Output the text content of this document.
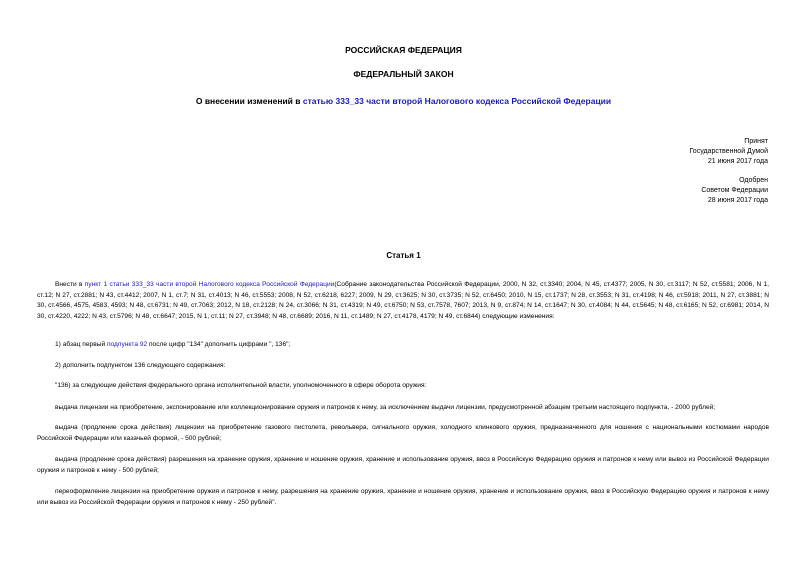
РОССИЙСКАЯ ФЕДЕРАЦИЯ
ФЕДЕРАЛЬНЫЙ ЗАКОН
О внесении изменений в статью 333_33 части второй Налогового кодекса Российской Федерации
Принят
Государственной Думой
21 июня 2017 года
Одобрен
Советом Федерации
28 июня 2017 года
Статья 1

Внести в пункт 1 статьи 333_33 части второй Налогового кодекса Российской Федерации(Собрание законодательства Российской Федерации, 2000, N 32, ст.3340; 2004, N 45, ст.4377; 2005, N 30, ст.3117; N 52, ст.5581; 2006, N 1, ст.12; N 27, ст.2881; N 43, ст.4412; 2007, N 1, ст.7; N 31, ст.4013; N 46, ст.5553; 2008, N 52, ст.6218, 6227; 2009, N 29, ст.3625; N 30, ст.3735; N 52, ст.6450; 2010, N 15, ст.1737; N 28, ст.3553; N 31, ст.4198; N 46, ст.5918; 2011, N 27, ст.3881; N 30, ст.4566, 4575, 4583, 4593; N 48, ст.6731; N 49, ст.7063; 2012, N 18, ст.2128; N 24, ст.3066; N 31, ст.4319; N 49, ст.6750; N 53, ст.7578, 7607; 2013, N 9, ст.874; N 14, ст.1647; N 30, ст.4084; N 44, ст.5645; N 48, ст.6165; N 52, ст.6981; 2014, N 30, ст.4220, 4222; N 43, ст.5796; N 48, ст.6647; 2015, N 1, ст.11; N 27, ст.3948; N 48, ст.6689; 2016, N 11, ст.1489; N 27, ст.4178, 4179; N 49, ст.6844) следующие изменения:

1) абзац первый подпункта 92 после цифр "134" дополнить цифрами ", 136";

2) дополнить подпунктом 136 следующего содержания:

"136) за следующие действия федерального органа исполнительной власти, уполномоченного в сфере оборота оружия:

выдача лицензии на приобретение, экспонирование или коллекционирование оружия и патронов к нему, за исключением выдачи лицензии, предусмотренной абзацем третьим настоящего подпункта, - 2000 рублей;

выдача (продление срока действия) лицензии на приобретение газового пистолета, револьвера, сигнального оружия, холодного клинкового оружия, предназначенного для ношения с национальными костюмами народов Российской Федерации или казачьей формой, - 500 рублей;

выдача (продление срока действия) разрешения на хранение оружия, хранение и ношение оружия, хранение и использование оружия, ввоз в Российскую Федерацию оружия и патронов к нему или вывоз из Российской Федерации оружия и патронов к нему - 500 рублей;

переоформление лицензии на приобретение оружия и патронов к нему, разрешения на хранение оружия, хранение и ношение оружия, хранение и использование оружия, ввоз в Российскую Федерацию оружия и патронов к нему или вывоз из Российской Федерации оружия и патронов к нему - 250 рублей".
